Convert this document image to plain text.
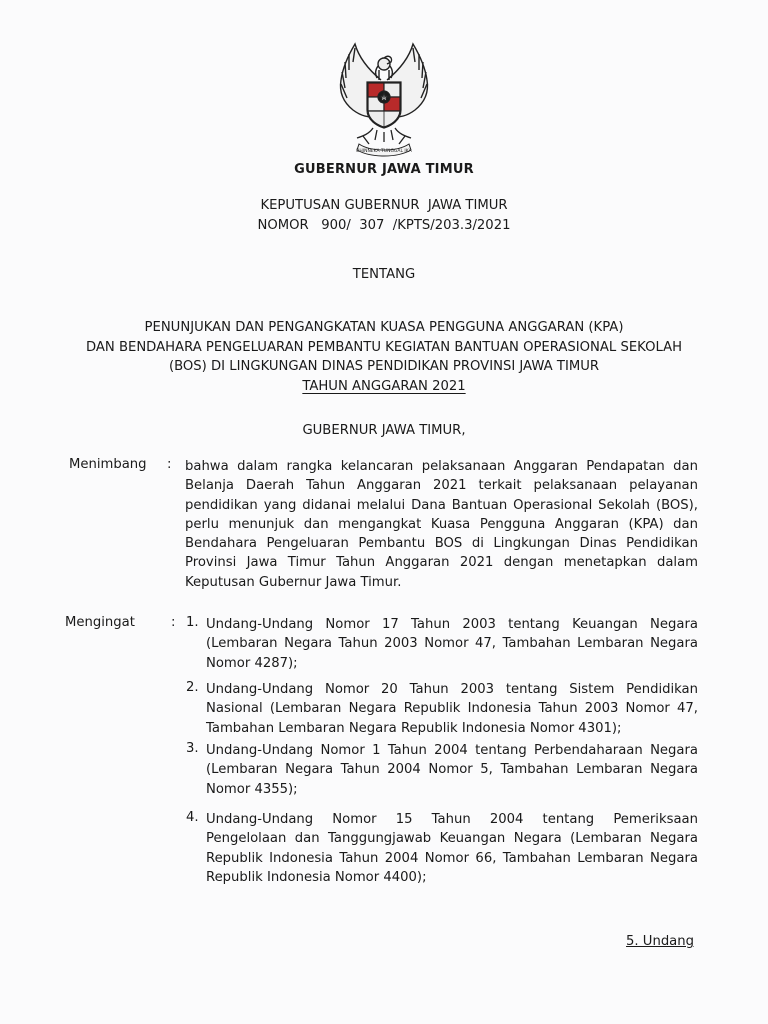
BHINNEKA TUNGGAL IKA
GUBERNUR JAWA TIMUR
KEPUTUSAN GUBERNUR  JAWA TIMUR
NOMOR   900/  307  /KPTS/203.3/2021
TENTANG
PENUNJUKAN DAN PENGANGKATAN KUASA PENGGUNA ANGGARAN (KPA)
DAN BENDAHARA PENGELUARAN PEMBANTU KEGIATAN BANTUAN OPERASIONAL SEKOLAH
(BOS) DI LINGKUNGAN DINAS PENDIDIKAN PROVINSI JAWA TIMUR
TAHUN ANGGARAN 2021
GUBERNUR JAWA TIMUR,
Menimbang : bahwa dalam rangka kelancaran pelaksanaan Anggaran Pendapatan dan
Belanja Daerah Tahun Anggaran 2021 terkait pelaksanaan pelayanan
pendidikan yang didanai melalui Dana Bantuan Operasional Sekolah (BOS),
perlu menunjuk dan mengangkat Kuasa Pengguna Anggaran (KPA) dan
Bendahara Pengeluaran Pembantu BOS di Lingkungan Dinas Pendidikan
Provinsi Jawa Timur Tahun Anggaran 2021 dengan menetapkan dalam
Keputusan Gubernur Jawa Timur.
Mengingat	: 1. Undang-Undang Nomor 17 Tahun 2003 tentang Keuangan Negara
(Lembaran Negara Tahun 2003 Nomor 47, Tambahan Lembaran Negara
Nomor 4287);
2. Undang-Undang Nomor 20 Tahun 2003 tentang Sistem Pendidikan
Nasional (Lembaran Negara Republik Indonesia Tahun 2003 Nomor 47,
Tambahan Lembaran Negara Republik Indonesia Nomor 4301);
3. Undang-Undang Nomor 1 Tahun 2004 tentang Perbendaharaan Negara
(Lembaran Negara Tahun 2004 Nomor 5, Tambahan Lembaran Negara
Nomor 4355);
4. Undang-Undang Nomor 15 Tahun 2004 tentang Pemeriksaan
Pengelolaan dan Tanggungjawab Keuangan Negara (Lembaran Negara
Republik Indonesia Tahun 2004 Nomor 66, Tambahan Lembaran Negara
Republik Indonesia Nomor 4400);
5. Undang
